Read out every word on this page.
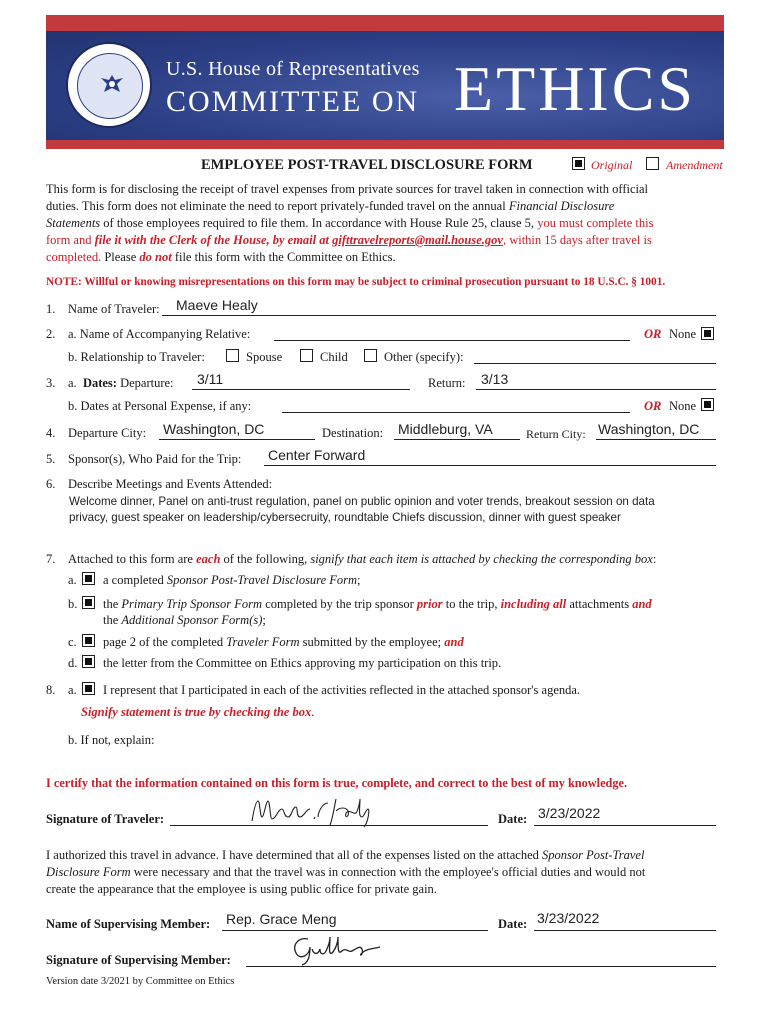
U.S. House of Representatives
COMMITTEE ON ETHICS
EMPLOYEE POST-TRAVEL DISCLOSURE FORM	Original	Amendment
This form is for disclosing the receipt of travel expenses from private sources for travel taken in connection with official
duties. This form does not eliminate the need to report privately-funded travel on the annual Financial Disclosure
Statements of those employees required to file them. In accordance with House Rule 25, clause 5, you must complete this
form and file it with the Clerk of the House, by email at gifttravelreports@mail.house.gov, within 15 days after travel is
completed. Please do not file this form with the Committee on Ethics.
NOTE: Willful or knowing misrepresentations on this form may be subject to criminal prosecution pursuant to 18 U.S.C. § 1001.
1. Name of Traveler: Maeve Healy
2. a. Name of Accompanying Relative:	OR None
b. Relationship to Traveler:	Spouse	Child	Other (specify):
3. a. Dates: Departure: 3/11	Return: 3/13
b. Dates at Personal Expense, if any:	OR None
4. Departure City: Washington, DC	Destination: Middleburg, VA	Return City: Washington, DC
5. Sponsor(s), Who Paid for the Trip: Center Forward
6. Describe Meetings and Events Attended:
Welcome dinner, Panel on anti-trust regulation, panel on public opinion and voter trends, breakout session on data
privacy, guest speaker on leadership/cybersecruity, roundtable Chiefs discussion, dinner with guest speaker
7. Attached to this form are each of the following, signify that each item is attached by checking the corresponding box:
a. a completed Sponsor Post-Travel Disclosure Form;
b. the Primary Trip Sponsor Form completed by the trip sponsor prior to the trip, including all attachments and
the Additional Sponsor Form(s);
c. page 2 of the completed Traveler Form submitted by the employee; and
d. the letter from the Committee on Ethics approving my participation on this trip.
8. a. I represent that I participated in each of the activities reflected in the attached sponsor's agenda.
Signify statement is true by checking the box.
b. If not, explain:
I certify that the information contained on this form is true, complete, and correct to the best of my knowledge.
Signature of Traveler:	Date: 3/23/2022
I authorized this travel in advance. I have determined that all of the expenses listed on the attached Sponsor Post-Travel
Disclosure Form were necessary and that the travel was in connection with the employee's official duties and would not
create the appearance that the employee is using public office for private gain.
Name of Supervising Member: Rep. Grace Meng	Date: 3/23/2022
Signature of Supervising Member:
Version date 3/2021 by Committee on Ethics
